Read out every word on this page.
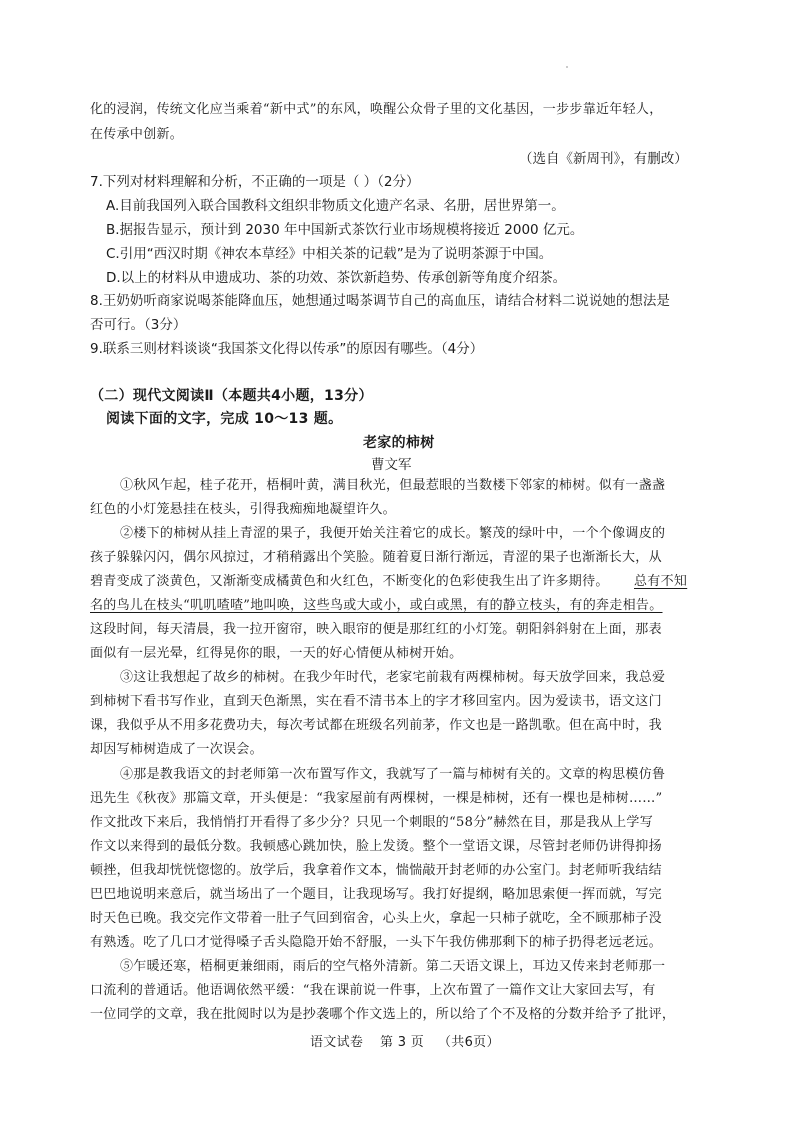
化的浸润，传统文化应当乘着“新中式”的东风，唤醒公众骨子里的文化基因，一步步靠近年轻人，
在传承中创新。
（选自《新周刊》，有删改）
7.下列对材料理解和分析，不正确的一项是（ ）（2分）
A.目前我国列入联合国教科文组织非物质文化遗产名录、名册，居世界第一。
B.据报告显示，预计到 2030 年中国新式茶饮行业市场规模将接近 2000 亿元。
C.引用“西汉时期《神农本草经》中相关茶的记载”是为了说明茶源于中国。
D.以上的材料从申遗成功、茶的功效、茶饮新趋势、传承创新等角度介绍茶。
8.王奶奶听商家说喝茶能降血压，她想通过喝茶调节自己的高血压，请结合材料二说说她的想法是
否可行。（3分）
9.联系三则材料谈谈“我国茶文化得以传承”的原因有哪些。（4分）
（二）现代文阅读Ⅱ（本题共4小题，13分）
阅读下面的文字，完成 10～13 题。
老家的柿树
曹文军
①秋风乍起，桂子花开，梧桐叶黄，满目秋光，但最惹眼的当数楼下邻家的柿树。似有一盏盏
红色的小灯笼悬挂在枝头，引得我痴痴地凝望许久。
②楼下的柿树从挂上青涩的果子，我便开始关注着它的成长。繁茂的绿叶中，一个个像调皮的
孩子躲躲闪闪，偶尔风掠过，才稍稍露出个笑脸。随着夏日渐行渐远，青涩的果子也渐渐长大，从
碧青变成了淡黄色，又渐渐变成橘黄色和火红色，不断变化的色彩使我生出了许多期待。 总有不知
名的鸟儿在枝头“叽叽喳喳”地叫唤，这些鸟或大或小，或白或黑，有的静立枝头，有的奔走相告。
这段时间，每天清晨，我一拉开窗帘，映入眼帘的便是那红红的小灯笼。朝阳斜斜射在上面，那表
面似有一层光晕，红得晃你的眼，一天的好心情便从柿树开始。
③这让我想起了故乡的柿树。在我少年时代，老家宅前栽有两棵柿树。每天放学回来，我总爱
到柿树下看书写作业，直到天色渐黑，实在看不清书本上的字才移回室内。因为爱读书，语文这门
课，我似乎从不用多花费功夫，每次考试都在班级名列前茅，作文也是一路凯歌。但在高中时，我
却因写柿树造成了一次误会。
④那是教我语文的封老师第一次布置写作文，我就写了一篇与柿树有关的。文章的构思模仿鲁
迅先生《秋夜》那篇文章，开头便是：“我家屋前有两棵树，一棵是柿树，还有一棵也是柿树……”
作文批改下来后，我悄悄打开看得了多少分？只见一个刺眼的“58分”赫然在目，那是我从上学写
作文以来得到的最低分数。我顿感心跳加快，脸上发烫。整个一堂语文课，尽管封老师仍讲得抑扬
顿挫，但我却恍恍惚惚的。放学后，我拿着作文本，惴惴敲开封老师的办公室门。封老师听我结结
巴巴地说明来意后，就当场出了一个题目，让我现场写。我打好提纲，略加思索便一挥而就，写完
时天色已晚。我交完作文带着一肚子气回到宿舍，心头上火，拿起一只柿子就吃，全不顾那柿子没
有熟透。吃了几口才觉得嗓子舌头隐隐开始不舒服，一头下午我仿佛那剩下的柿子扔得老远老远。
⑤乍暖还寒，梧桐更兼细雨，雨后的空气格外清新。第二天语文课上，耳边又传来封老师那一
口流利的普通话。他语调依然平缓：“我在课前说一件事，上次布置了一篇作文让大家回去写，有
一位同学的文章，我在批阅时以为是抄袭哪个作文选上的，所以给了个不及格的分数并给予了批评，
语文试卷 第 3 页 （共6页）
